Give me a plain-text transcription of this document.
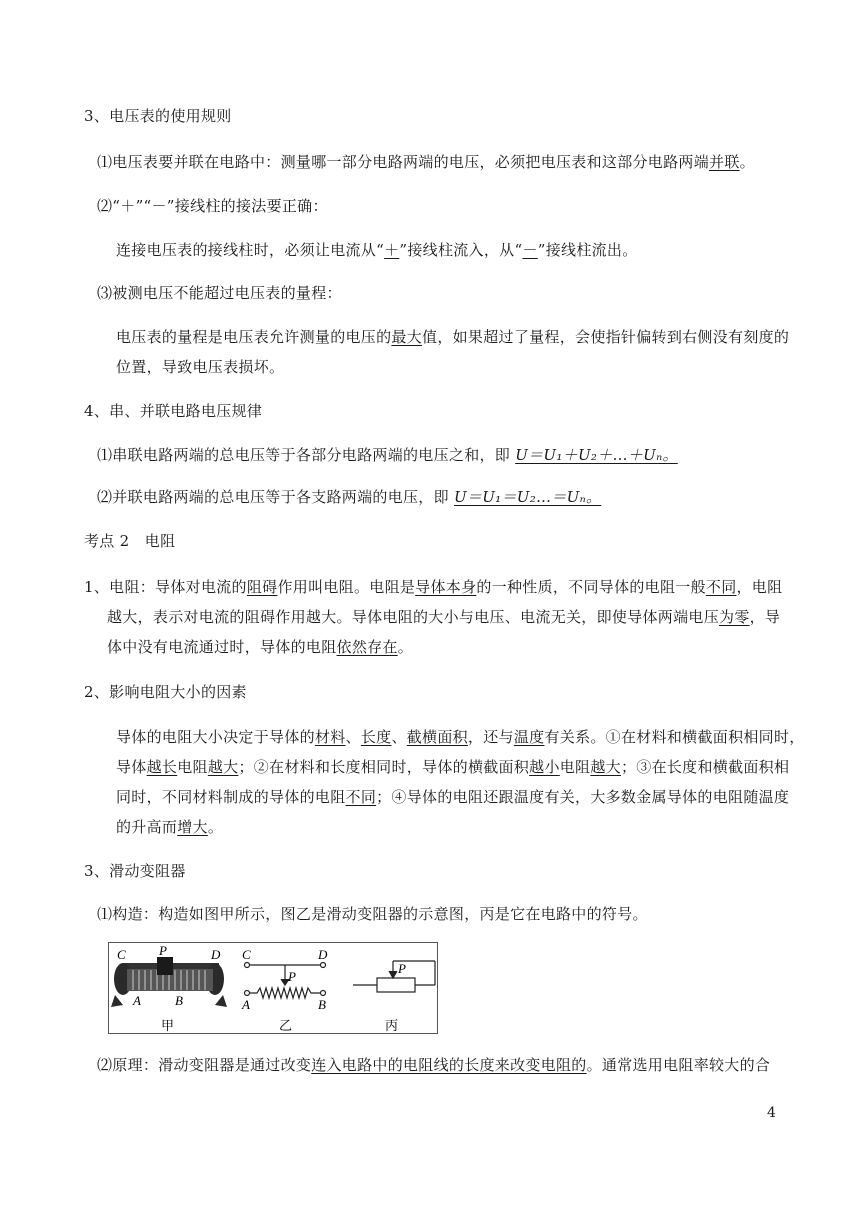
3、电压表的使用规则
⑴电压表要并联在电路中：测量哪一部分电路两端的电压，必须把电压表和这部分电路两端并联。
⑵“＋”“－”接线柱的接法要正确：
连接电压表的接线柱时，必须让电流从“＋”接线柱流入，从“－”接线柱流出。
⑶被测电压不能超过电压表的量程：
电压表的量程是电压表允许测量的电压的最大值，如果超过了量程，会使指针偏转到右侧没有刻度的
位置，导致电压表损坏。
4、串、并联电路电压规律
⑴串联电路两端的总电压等于各部分电路两端的电压之和，即 U＝U₁＋U₂＋…＋Uₙ。
⑵并联电路两端的总电压等于各支路两端的电压，即 U＝U₁＝U₂…＝Uₙ。
考点 2　电阻
1、电阻：导体对电流的阻碍作用叫电阻。电阻是导体本身的一种性质，不同导体的电阻一般不同，电阻
越大，表示对电流的阻碍作用越大。导体电阻的大小与电压、电流无关，即使导体两端电压为零，导
体中没有电流通过时，导体的电阻依然存在。
2、影响电阻大小的因素
导体的电阻大小决定于导体的材料、长度、截横面积，还与温度有关系。①在材料和横截面积相同时，
导体越长电阻越大；②在材料和长度相同时，导体的横截面积越小电阻越大；③在长度和横截面积相
同时，不同材料制成的导体的电阻不同；④导体的电阻还跟温度有关，大多数金属导体的电阻随温度
的升高而增大。
3、滑动变阻器
⑴构造：构造如图甲所示，图乙是滑动变阻器的示意图，丙是它在电路中的符号。
C	P	D
A	B
C	D
P
A	B
P
甲	乙	丙
⑵原理：滑动变阻器是通过改变连入电路中的电阻线的长度来改变电阻的。通常选用电阻率较大的合
4
